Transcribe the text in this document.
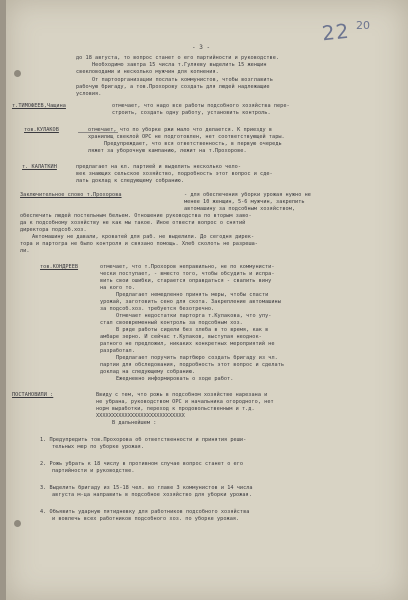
22 20
- 3 -
до 18 августа, то вопрос станет о его партийности и руководстве.
Необходимо завтра 15 числа т.Гуляеву выделить 15 женщин
свекловодами и несколько мужчин для копнения.
От партоорганизации послать коммунистов, чтобы возглавить
рабочую бригаду, а тов.Прохорову создать для людей надлежащие
условия.
т.ТИМОФЕЕВ,Чащина	отмечает, что надо все работы подсобного хозяйства пере-
строить, создать одну работу, установить контроль.
тов.КУЛАКОВ	отмечает, что по уборке ржи мало что делается. К приезду в
хранилищ свеклой ОРС не подготовлен, нет соответствующей тары.
Предупреждает, что вся ответственность, в первую очередь
ляжет за уборочную кампанию, лежит на т.Прохорове.
т. КАЛАТКИН	предлагает на кл. партией и выделить несколько чело-
век знающих сельское хозяйство, подробность этот вопрос и сде-
лать доклад к следующему собранию.
Заключительное слово т.Прохорова	- для обеспечения уборки урожая нужно не
менее 10 женщин, 5-6 мужчин, закрепить
автомашину за подсобным хозяйством,
обеспечить людей постельным бельем. Отношение руководства по вторым заво-
да к подсобному хозяйству не как мы такое. Иное отвести вопрос о снятий
директора подсоб.хоз.
Автомашину не давали, кроватей для раб. не выделили. До сегодня дирек-
тора и партогра не было контроля и связано помощь. Хлеб сколоть не разреша-
ли.
тов.КОНДРЕЕВ	отмечает, что т.Прохоров неправильно, не по коммунисти-
чески поступает, - вместо того, чтобы обсудить и испра-
вить свои ошибки, старается оправдаться - свалить вину
на кого то.
Предлагает немедленно принять меры, чтобы спасти
урожай, заготовить сено для скота. Закрепление автомашины
за подсоб.хоз. требуется безотречно.
Отмечает недостатки парторга т.Кулакова, что упу-
стал своевременный контроль за подсобным хоз.
В ряде работы сидели без хлеба в то время, как в
амбаре зерно. И сейчас т.Кулаков, выступая неоднок-
ратного не предложил, никаких конкретных мероприятий не
разработал.
Предлагает поручить партбюро создать бригаду из чл.
партии для обследования, подробность этот вопрос и сделать
доклад на следующему собранию.
Ежедневно информировать о ходе работ.
ПОСТАНОВИЛИ :	Ввиду с тем, что рожь в подсобном хозяйстве нарезана и
не убрана, руководством ОРС и начальника огородного, нет
норм выработки, переход к продовольственным и т.д.
ХХХХХХХХХХХХХХХХХХХХХХХХХХХХ
В дальнейшем :
1. Предупредить тов.Прохорова об ответственности и принятия реши-
тельных мер по уборке урожая.
2. Рожь убрать к 18 числу в противном случае вопрос станет о его
партийности и руководстве.
3. Выделить бригаду из 15-18 чел. во главе 3 коммунистов и 14 числа
августа м-ца направить в подсобное хозяйство для уборки урожая.
4. Объявить ударную пятидневку для работников подсобного хозяйства
и вовлечь всех работников подсобного хоз. по уборке урожая.
